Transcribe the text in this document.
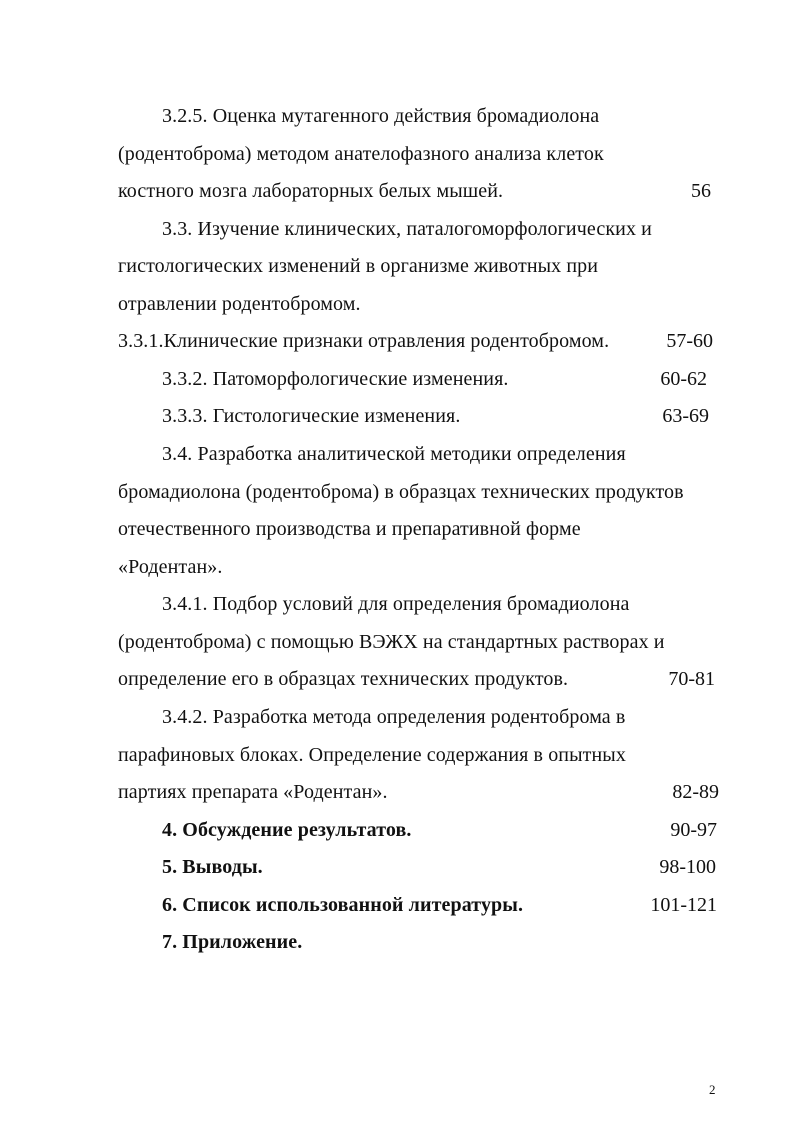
3.2.5. Оценка мутагенного действия бромадиолона
(родентоброма) методом анателофазного анализа клеток
костного мозга лабораторных белых мышей.	56
3.3. Изучение клинических, паталогоморфологических и
гистологических изменений в организме животных при
отравлении родентобромом.
3.3.1.Клинические признаки отравления родентобромом.	57-60
3.3.2. Патоморфологические изменения.	60-62
3.3.3. Гистологические изменения.	63-69
3.4. Разработка аналитической методики определения
бромадиолона (родентоброма) в образцах технических продуктов
отечественного производства и препаративной форме
«Родентан».
3.4.1. Подбор условий для определения бромадиолона
(родентоброма) с помощью ВЭЖХ на стандартных растворах и
определение его в образцах технических продуктов.	70-81
3.4.2. Разработка метода определения родентоброма в
парафиновых блоках. Определение содержания в опытных
партиях препарата «Родентан».	82-89
4. Обсуждение результатов.	90-97
5. Выводы.	98-100
6. Список использованной литературы.	101-121
7. Приложение.
2
